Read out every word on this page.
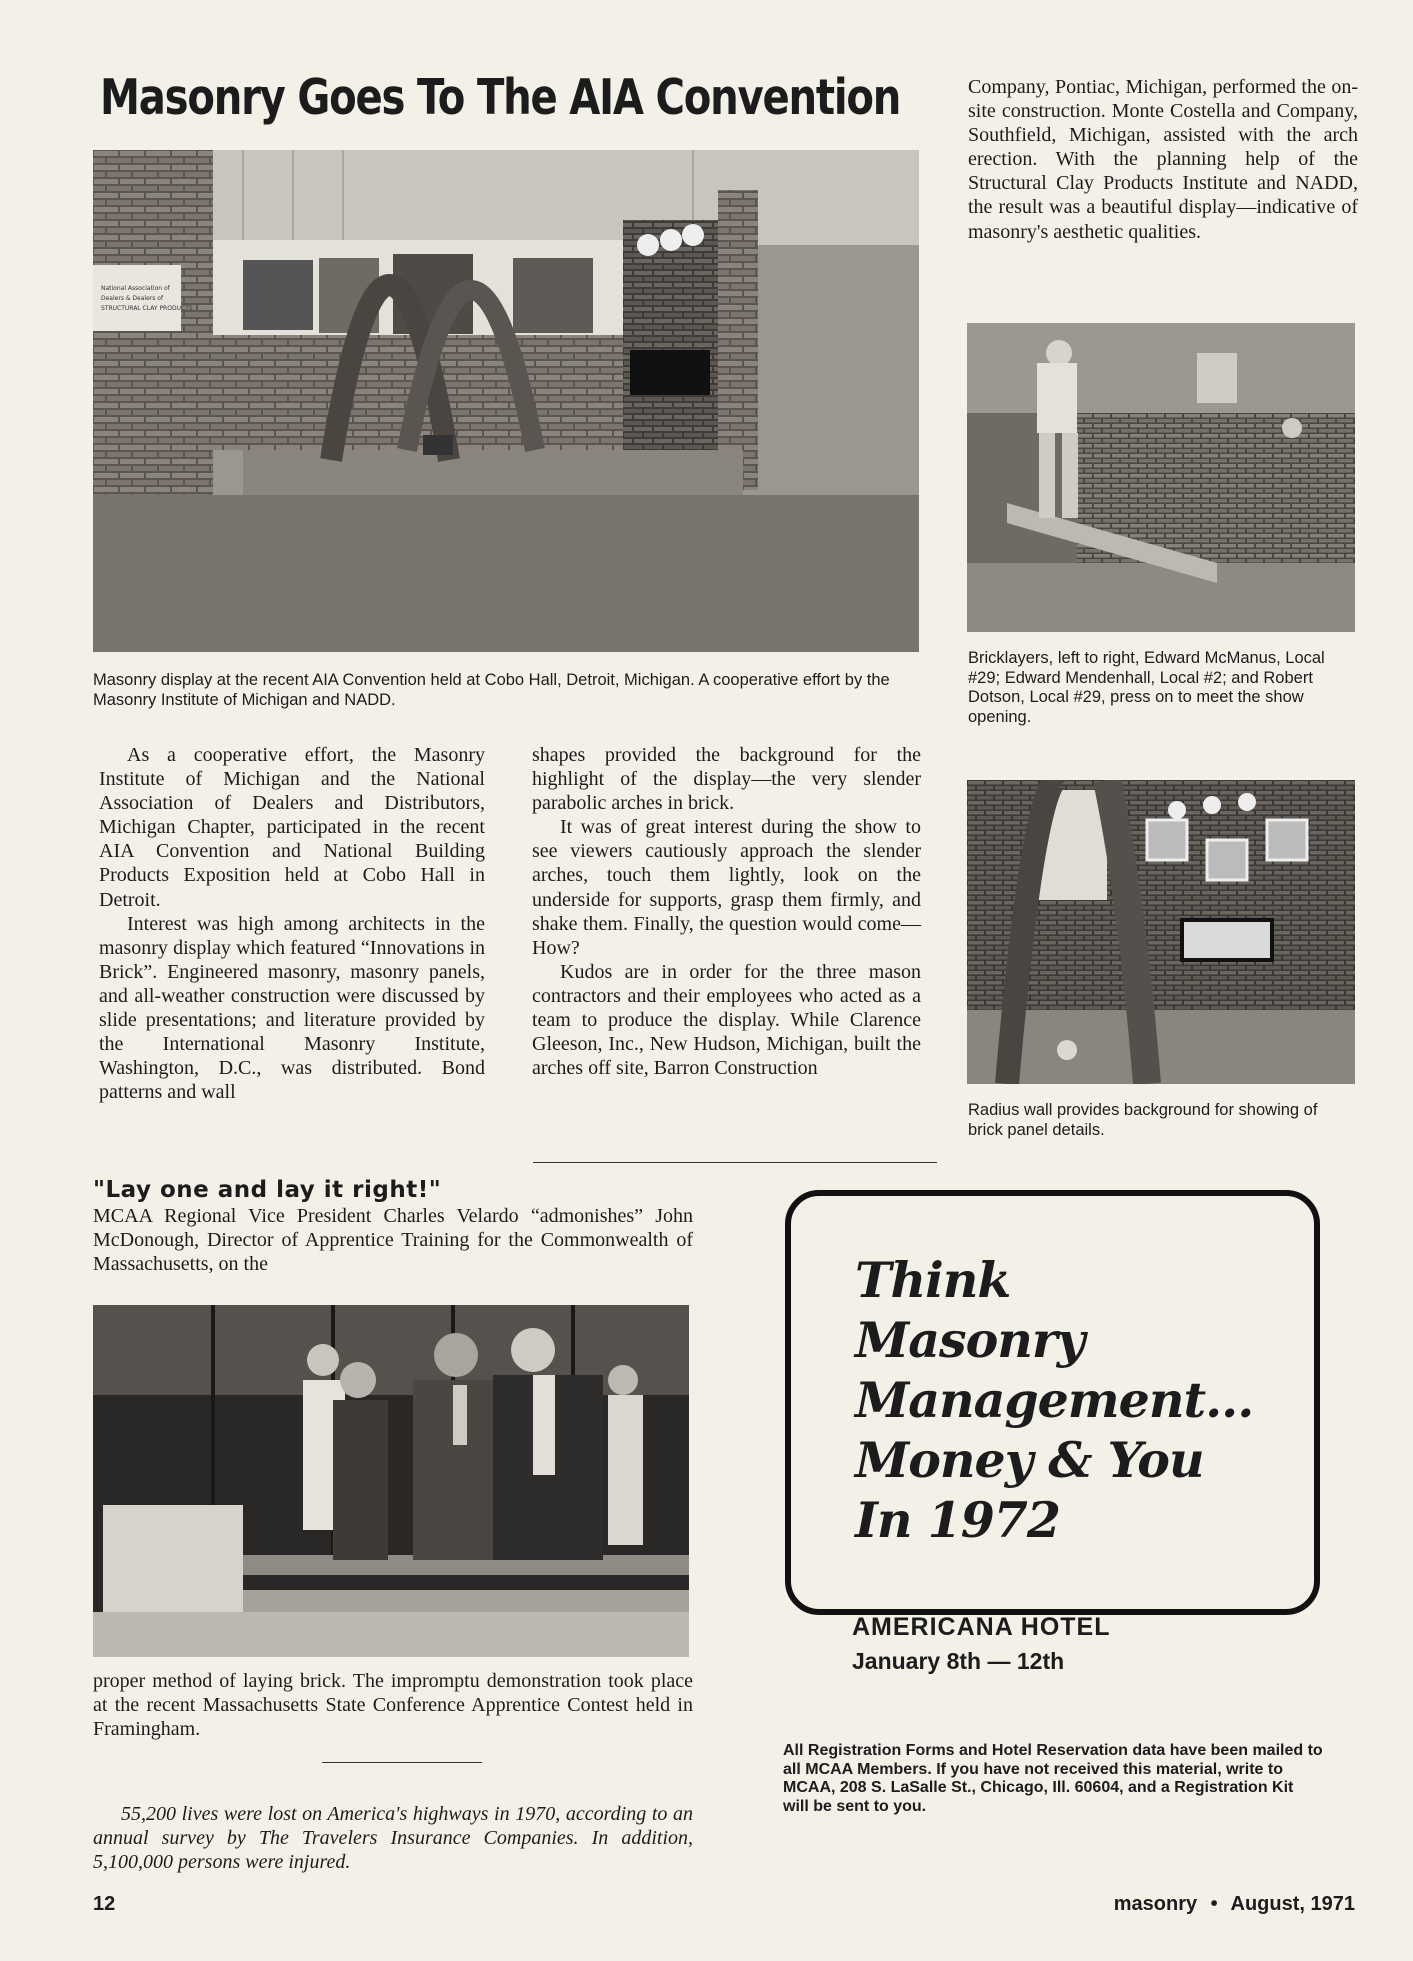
Masonry Goes To The AIA Convention
National Association of
Dealers & Dealers of
STRUCTURAL CLAY PRODUCTS
Masonry display at the recent AIA Convention held at Cobo Hall, Detroit, Michigan. A cooperative effort by the Masonry Institute of Michigan and NADD.

As a cooperative effort, the Masonry Institute of Michigan and the National Association of Dealers and Distributors, Michigan Chapter, participated in the recent AIA Convention and National Building Products Exposition held at Cobo Hall in Detroit.

Interest was high among architects in the masonry display which featured “Innovations in Brick”. Engineered masonry, masonry panels, and all-weather construction were discussed by slide presentations; and literature provided by the International Masonry Institute, Washington, D.C., was distributed. Bond patterns and wall

shapes provided the background for the highlight of the display—the very slender parabolic arches in brick.

It was of great interest during the show to see viewers cautiously approach the slender arches, touch them lightly, look on the underside for supports, grasp them firmly, and shake them. Finally, the question would come—How?

Kudos are in order for the three mason contractors and their employees who acted as a team to produce the display. While Clarence Gleeson, Inc., New Hudson, Michigan, built the arches off site, Barron Construction

Company, Pontiac, Michigan, performed the on-site construction. Monte Costella and Company, Southfield, Michigan, assisted with the arch erection. With the planning help of the Structural Clay Products Institute and NADD, the result was a beautiful display—indicative of masonry's aesthetic qualities.

Bricklayers, left to right, Edward McManus, Local #29; Edward Mendenhall, Local #2; and Robert Dotson, Local #29, press on to meet the show opening.
Radius wall provides background for showing of brick panel details.
"Lay one and lay it right!"

MCAA Regional Vice President Charles Velardo “admonishes” John McDonough, Director of Apprentice Training for the Commonwealth of Massachusetts, on the

proper method of laying brick. The impromptu demonstration took place at the recent Massachusetts State Conference Apprentice Contest held in Framingham.

55,200 lives were lost on America's highways in 1970, according to an annual survey by The Travelers Insurance Companies. In addition, 5,100,000 persons were injured.

Think
Masonry
Management...
Money & You
In 1972
AMERICANA HOTEL
January 8th — 12th
All Registration Forms and Hotel Reservation data have been mailed to all MCAA Members. If you have not received this material, write to MCAA, 208 S. LaSalle St., Chicago, Ill. 60604, and a Registration Kit will be sent to you.
12	masonry • August, 1971
